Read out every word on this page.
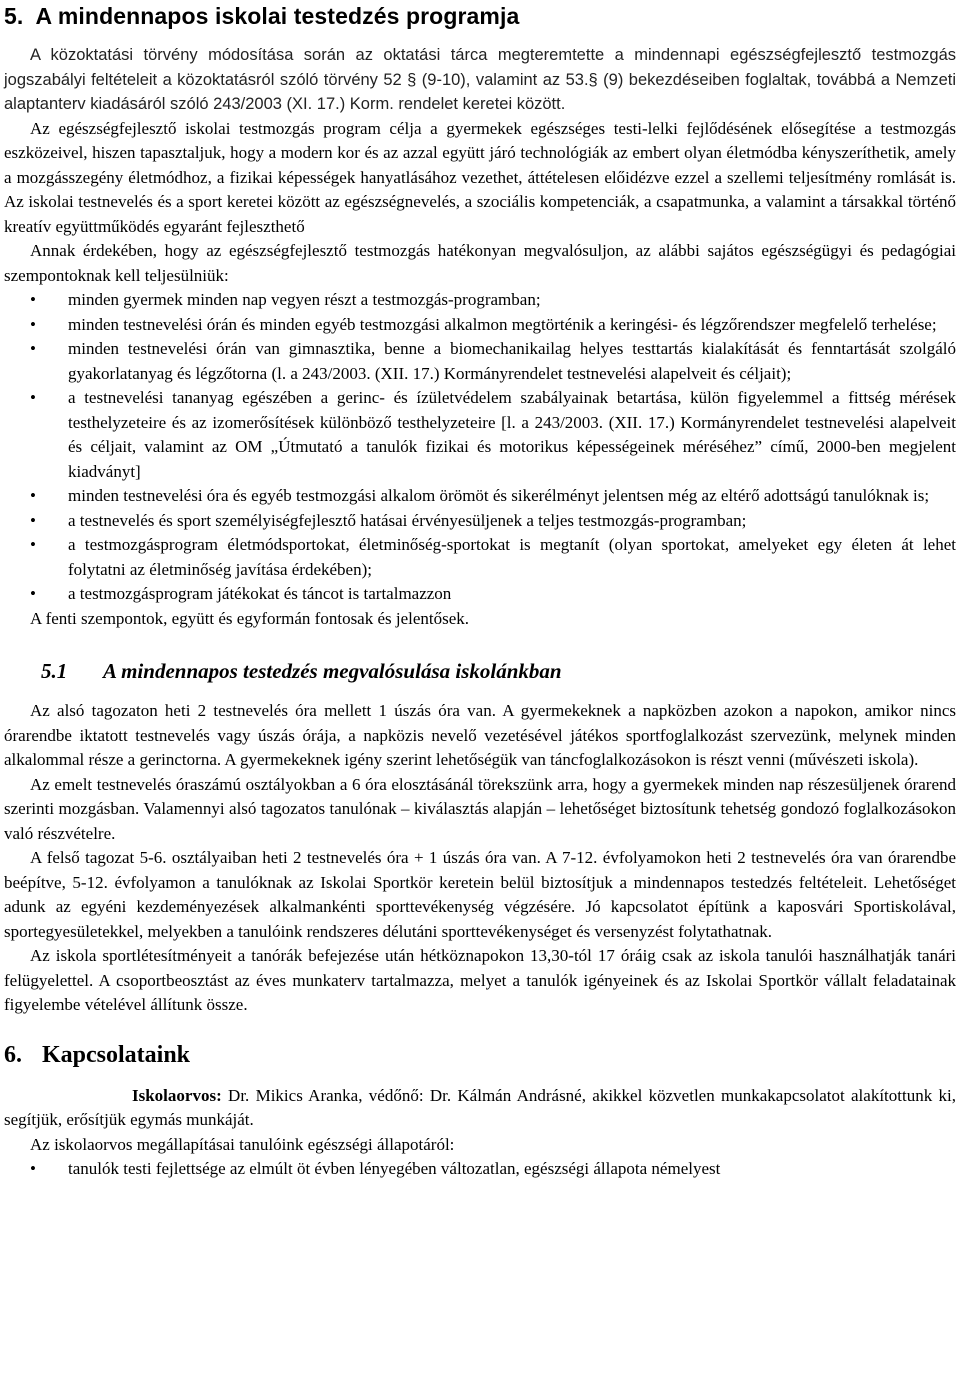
5. A mindennapos iskolai testedzés programja

A közoktatási törvény módosítása során az oktatási tárca megteremtette a mindennapi egészségfejlesztő testmozgás jogszabályi feltételeit a közoktatásról szóló törvény 52 § (9-10), valamint az 53.§ (9) bekezdéseiben foglaltak, továbbá a Nemzeti alaptanterv kiadásáról szóló 243/2003 (XI. 17.) Korm. rendelet keretei között.

Az egészségfejlesztő iskolai testmozgás program célja a gyermekek egészséges testi-lelki fejlődésének elősegítése a testmozgás eszközeivel, hiszen tapasztaljuk, hogy a modern kor és az azzal együtt járó technológiák az embert olyan életmódba kényszeríthetik, amely a mozgásszegény életmódhoz, a fizikai képességek hanyatlásához vezethet, áttételesen előidézve ezzel a szellemi teljesítmény romlását is. Az iskolai testnevelés és a sport keretei között az egészségnevelés, a szociális kompetenciák, a csapatmunka, a valamint a társakkal történő kreatív együttműködés egyaránt fejleszthető

Annak érdekében, hogy az egészségfejlesztő testmozgás hatékonyan megvalósuljon, az alábbi sajátos egészségügyi és pedagógiai szempontoknak kell teljesülniük:

• minden gyermek minden nap vegyen részt a testmozgás-programban;
• minden testnevelési órán és minden egyéb testmozgási alkalmon megtörténik a keringési- és légzőrendszer megfelelő terhelése;
• minden testnevelési órán van gimnasztika, benne a biomechanikailag helyes testtartás kialakítását és fenntartását szolgáló gyakorlatanyag és légzőtorna (l. a 243/2003. (XII. 17.) Kormányrendelet testnevelési alapelveit és céljait);
• a testnevelési tananyag egészében a gerinc- és ízületvédelem szabályainak betartása, külön figyelemmel a fittség mérések testhelyzeteire és az izomerősítések különböző testhelyzeteire [l. a 243/2003. (XII. 17.) Kormányrendelet testnevelési alapelveit és céljait, valamint az OM „Útmutató a tanulók fizikai és motorikus képességeinek méréséhez” című, 2000-ben megjelent kiadványt]
• minden testnevelési óra és egyéb testmozgási alkalom örömöt és sikerélményt jelentsen még az eltérő adottságú tanulóknak is;
• a testnevelés és sport személyiségfejlesztő hatásai érvényesüljenek a teljes testmozgás-programban;
• a testmozgásprogram életmódsportokat, életminőség-sportokat is megtanít (olyan sportokat, amelyeket egy életen át lehet folytatni az életminőség javítása érdekében);
• a testmozgásprogram játékokat és táncot is tartalmazzon

A fenti szempontok, együtt és egyformán fontosak és jelentősek.

5.1 A mindennapos testedzés megvalósulása iskolánkban

Az alsó tagozaton heti 2 testnevelés óra mellett 1 úszás óra van. A gyermekeknek a napközben azokon a napokon, amikor nincs órarendbe iktatott testnevelés vagy úszás órája, a napközis nevelő vezetésével játékos sportfoglalkozást szervezünk, melynek minden alkalommal része a gerinctorna. A gyermekeknek igény szerint lehetőségük van táncfoglalkozásokon is részt venni (művészeti iskola).

Az emelt testnevelés óraszámú osztályokban a 6 óra elosztásánál törekszünk arra, hogy a gyermekek minden nap részesüljenek órarend szerinti mozgásban. Valamennyi alsó tagozatos tanulónak – kiválasztás alapján – lehetőséget biztosítunk tehetség gondozó foglalkozásokon való részvételre.

A felső tagozat 5-6. osztályaiban heti 2 testnevelés óra + 1 úszás óra van. A 7-12. évfolyamokon heti 2 testnevelés óra van órarendbe beépítve, 5-12. évfolyamon a tanulóknak az Iskolai Sportkör keretein belül biztosítjuk a mindennapos testedzés feltételeit. Lehetőséget adunk az egyéni kezdeményezések alkalmankénti sporttevékenység végzésére. Jó kapcsolatot építünk a kaposvári Sportiskolával, sportegyesületekkel, melyekben a tanulóink rendszeres délutáni sporttevékenységet és versenyzést folytathatnak.

Az iskola sportlétesítményeit a tanórák befejezése után hétköznapokon 13,30-tól 17 óráig csak az iskola tanulói használhatják tanári felügyelettel. A csoportbeosztást az éves munkaterv tartalmazza, melyet a tanulók igényeinek és az Iskolai Sportkör vállalt feladatainak figyelembe vételével állítunk össze.

6. Kapcsolataink

Iskolaorvos: Dr. Mikics Aranka, védőnő: Dr. Kálmán Andrásné, akikkel közvetlen munkakapcsolatot alakítottunk ki, segítjük, erősítjük egymás munkáját.

Az iskolaorvos megállapításai tanulóink egészségi állapotáról:

• tanulók testi fejlettsége az elmúlt öt évben lényegében változatlan, egészségi állapota némelyest
